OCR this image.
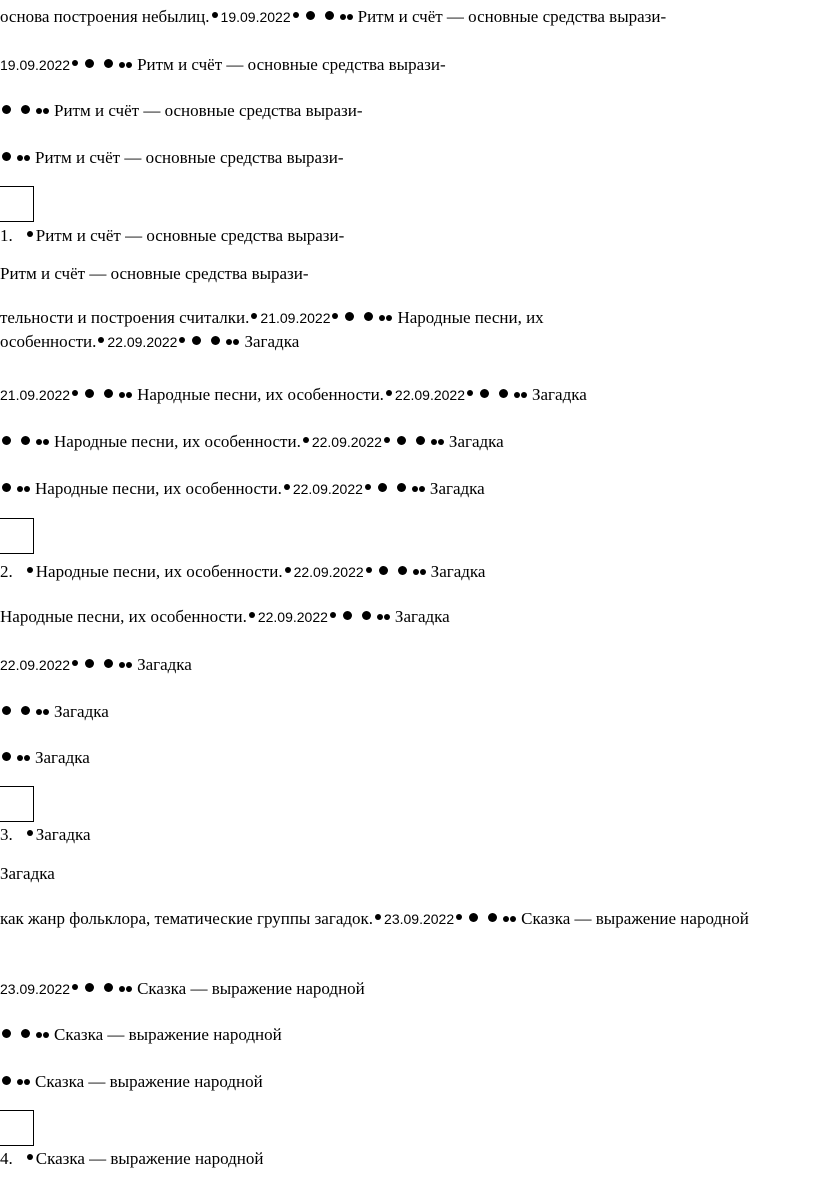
основа построения небылиц. 19.09.2022	Ритм и счёт — основные средства вырази-
19.09.2022	Ритм и счёт — основные средства вырази-
Ритм и счёт — основные средства вырази-
Ритм и счёт — основные средства вырази-
1. Ритм и счёт — основные средства вырази-
Ритм и счёт — основные средства вырази-
тельности и построения считалки. 21.09.2022	Народные песни, их
особенности. 22.09.2022	Загадка
21.09.2022	Народные песни, их особенности. 22.09.2022	Загадка
Народные песни, их особенности. 22.09.2022	Загадка
Народные песни, их особенности. 22.09.2022	Загадка
2. Народные песни, их особенности. 22.09.2022	Загадка
Народные песни, их особенности. 22.09.2022	Загадка
22.09.2022	Загадка
Загадка
Загадка
3. Загадка
Загадка
как жанр фольклора, тематические группы загадок. 23.09.2022	Сказка — выражение народной
23.09.2022	Сказка — выражение народной
Сказка — выражение народной
Сказка — выражение народной
4. Сказка — выражение народной
